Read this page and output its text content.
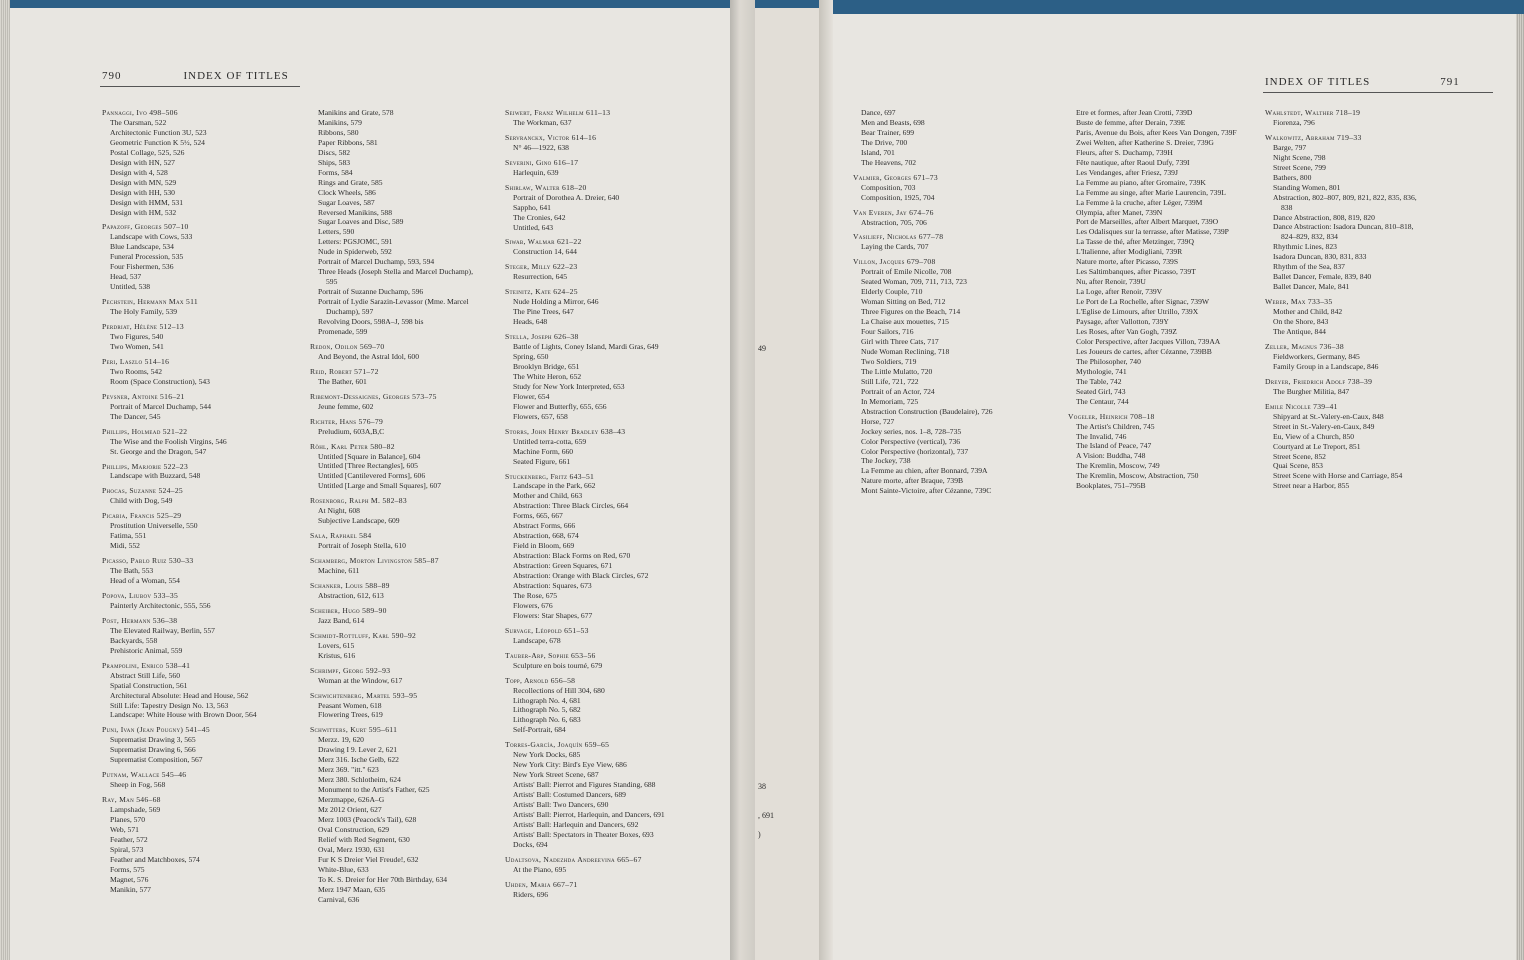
790	INDEX OF TITLES
Pannaggi, Ivo 498–506
The Oarsman, 522
Architectonic Function 3U, 523
Geometric Function K 5½, 524
Postal Collage, 525, 526
Design with HN, 527
Design with 4, 528
Design with MN, 529
Design with HH, 530
Design with HMM, 531
Design with HM, 532
Papazoff, Georges 507–10
Landscape with Cows, 533
Blue Landscape, 534
Funeral Procession, 535
Four Fishermen, 536
Head, 537
Untitled, 538
Pechstein, Hermann Max 511
The Holy Family, 539
Perdriat, Hélène 512–13
Two Figures, 540
Two Women, 541
Peri, Laszlo 514–16
Two Rooms, 542
Room (Space Construction), 543
Pevsner, Antoine 516–21
Portrait of Marcel Duchamp, 544
The Dancer, 545
Phillips, Holmead 521–22
The Wise and the Foolish Virgins, 546
St. George and the Dragon, 547
Phillips, Marjorie 522–23
Landscape with Buzzard, 548
Phocas, Suzanne 524–25
Child with Dog, 549
Picabia, Francis 525–29
Prostitution Universelle, 550
Fatima, 551
Midi, 552
Picasso, Pablo Ruiz 530–33
The Bath, 553
Head of a Woman, 554
Popova, Liubov 533–35
Painterly Architectonic, 555, 556
Post, Hermann 536–38
The Elevated Railway, Berlin, 557
Backyards, 558
Prehistoric Animal, 559
Prampolini, Enrico 538–41
Abstract Still Life, 560
Spatial Construction, 561
Architectural Absolute: Head and House, 562
Still Life: Tapestry Design No. 13, 563
Landscape: White House with Brown Door, 564
Puni, Ivan (Jean Pougny) 541–45
Suprematist Drawing 3, 565
Suprematist Drawing 6, 566
Suprematist Composition, 567
Putnam, Wallace 545–46
Sheep in Fog, 568
Ray, Man 546–68
Lampshade, 569
Planes, 570
Web, 571
Feather, 572
Spiral, 573
Feather and Matchboxes, 574
Forms, 575
Magnet, 576
Manikin, 577
Manikins and Grate, 578
Manikins, 579
Ribbons, 580
Paper Ribbons, 581
Discs, 582
Ships, 583
Forms, 584
Rings and Grate, 585
Clock Wheels, 586
Sugar Loaves, 587
Reversed Manikins, 588
Sugar Loaves and Disc, 589
Letters, 590
Letters: PGSJOMC, 591
Nude in Spiderweb, 592
Portrait of Marcel Duchamp, 593, 594
Three Heads (Joseph Stella and Marcel Duchamp),
595
Portrait of Suzanne Duchamp, 596
Portrait of Lydie Sarazin-Levassor (Mme. Marcel
Duchamp), 597
Revolving Doors, 598A–J, 598 bis
Promenade, 599
Redon, Odilon 569–70
And Beyond, the Astral Idol, 600
Reid, Robert 571–72
The Bather, 601
Ribemont-Dessaignes, Georges 573–75
Jeune femme, 602
Richter, Hans 576–79
Preludium, 603A,B,C
Röhl, Karl Peter 580–82
Untitled [Square in Balance], 604
Untitled [Three Rectangles], 605
Untitled [Cantilevered Forms], 606
Untitled [Large and Small Squares], 607
Rosenborg, Ralph M. 582–83
At Night, 608
Subjective Landscape, 609
Sala, Raphael 584
Portrait of Joseph Stella, 610
Schamberg, Morton Livingston 585–87
Machine, 611
Schanker, Louis 588–89
Abstraction, 612, 613
Scheiber, Hugo 589–90
Jazz Band, 614
Schmidt-Rottluff, Karl 590–92
Lovers, 615
Kristus, 616
Schrimpf, Georg 592–93
Woman at the Window, 617
Schwichtenberg, Martel 593–95
Peasant Women, 618
Flowering Trees, 619
Schwitters, Kurt 595–611
Merzz. 19, 620
Drawing I 9. Lever 2, 621
Merz 316. Ische Gelb, 622
Merz 369. "itt." 623
Merz 380. Schlotheim, 624
Monument to the Artist's Father, 625
Merzmappe, 626A–G
Mz 2012 Orient, 627
Merz 1003 (Peacock's Tail), 628
Oval Construction, 629
Relief with Red Segment, 630
Oval, Merz 1930, 631
Fur K S Dreier Viel Freude!, 632
White-Blue, 633
To K. S. Dreier for Her 70th Birthday, 634
Merz 1947 Maan, 635
Carnival, 636
Seiwert, Franz Wilhelm 611–13
The Workman, 637
Servranckx, Victor 614–16
N° 46—1922, 638
Severini, Gino 616–17
Harlequin, 639
Shirlaw, Walter 618–20
Portrait of Dorothea A. Dreier, 640
Sappho, 641
The Cronies, 642
Untitled, 643
Siwab, Walmar 621–22
Construction 14, 644
Steger, Milly 622–23
Resurrection, 645
Steinitz, Kate 624–25
Nude Holding a Mirror, 646
The Pine Trees, 647
Heads, 648
Stella, Joseph 626–38
Battle of Lights, Coney Island, Mardi Gras, 649
Spring, 650
Brooklyn Bridge, 651
The White Heron, 652
Study for New York Interpreted, 653
Flower, 654
Flower and Butterfly, 655, 656
Flowers, 657, 658
Storrs, John Henry Bradley 638–43
Untitled terra-cotta, 659
Machine Form, 660
Seated Figure, 661
Stuckenberg, Fritz 643–51
Landscape in the Park, 662
Mother and Child, 663
Abstraction: Three Black Circles, 664
Forms, 665, 667
Abstract Forms, 666
Abstraction, 668, 674
Field in Bloom, 669
Abstraction: Black Forms on Red, 670
Abstraction: Green Squares, 671
Abstraction: Orange with Black Circles, 672
Abstraction: Squares, 673
The Rose, 675
Flowers, 676
Flowers: Star Shapes, 677
Survage, Léopold 651–53
Landscape, 678
Tauber-Arp, Sophie 653–56
Sculpture en bois tourné, 679
Topp, Arnold 656–58
Recollections of Hill 304, 680
Lithograph No. 4, 681
Lithograph No. 5, 682
Lithograph No. 6, 683
Self-Portrait, 684
Torres-García, Joaquín 659–65
New York Docks, 685
New York City: Bird's Eye View, 686
New York Street Scene, 687
Artists' Ball: Pierrot and Figures Standing, 688
Artists' Ball: Costumed Dancers, 689
Artists' Ball: Two Dancers, 690
Artists' Ball: Pierrot, Harlequin, and Dancers, 691
Artists' Ball: Harlequin and Dancers, 692
Artists' Ball: Spectators in Theater Boxes, 693
Docks, 694
Udaltsova, Nadezhda Andreevina 665–67
At the Piano, 695
Uhden, Maria 667–71
Riders, 696
49
38
, 691
)
INDEX OF TITLES	791
Dance, 697
Men and Beasts, 698
Bear Trainer, 699
The Drive, 700
Island, 701
The Heavens, 702
Valmier, Georges 671–73
Composition, 703
Composition, 1925, 704
Van Everen, Jay 674–76
Abstraction, 705, 706
Vasilieff, Nicholas 677–78
Laying the Cards, 707
Villon, Jacques 679–708
Portrait of Emile Nicolle, 708
Seated Woman, 709, 711, 713, 723
Elderly Couple, 710
Woman Sitting on Bed, 712
Three Figures on the Beach, 714
La Chaise aux mouettes, 715
Four Sailors, 716
Girl with Three Cats, 717
Nude Woman Reclining, 718
Two Soldiers, 719
The Little Mulatto, 720
Still Life, 721, 722
Portrait of an Actor, 724
In Memoriam, 725
Abstraction Construction (Baudelaire), 726
Horse, 727
Jockey series, nos. 1–8, 728–735
Color Perspective (vertical), 736
Color Perspective (horizontal), 737
The Jockey, 738
La Femme au chien, after Bonnard, 739A
Nature morte, after Braque, 739B
Mont Sainte-Victoire, after Cézanne, 739C
Etre et formes, after Jean Crotti, 739D
Buste de femme, after Derain, 739E
Paris, Avenue du Bois, after Kees Van Dongen, 739F
Zwei Welten, after Katherine S. Dreier, 739G
Fleurs, after S. Duchamp, 739H
Fête nautique, after Raoul Dufy, 739I
Les Vendanges, after Friesz, 739J
La Femme au piano, after Gromaire, 739K
La Femme au singe, after Marie Laurencin, 739L
La Femme à la cruche, after Léger, 739M
Olympia, after Manet, 739N
Port de Marseilles, after Albert Marquet, 739O
Les Odalisques sur la terrasse, after Matisse, 739P
La Tasse de thé, after Metzinger, 739Q
L'Italienne, after Modigliani, 739R
Nature morte, after Picasso, 739S
Les Saltimbanques, after Picasso, 739T
Nu, after Renoir, 739U
La Loge, after Renoir, 739V
Le Port de La Rochelle, after Signac, 739W
L'Eglise de Limours, after Utrillo, 739X
Paysage, after Vallotton, 739Y
Les Roses, after Van Gogh, 739Z
Color Perspective, after Jacques Villon, 739AA
Les Joueurs de cartes, after Cézanne, 739BB
The Philosopher, 740
Mythologie, 741
The Table, 742
Seated Girl, 743
The Centaur, 744
Vogeler, Heinrich 708–18
The Artist's Children, 745
The Invalid, 746
The Island of Peace, 747
A Vision: Buddha, 748
The Kremlin, Moscow, 749
The Kremlin, Moscow, Abstraction, 750
Bookplates, 751–795B
Wahlstedt, Walther 718–19
Fiorenza, 796
Walkowitz, Abraham 719–33
Barge, 797
Night Scene, 798
Street Scene, 799
Bathers, 800
Standing Women, 801
Abstraction, 802–807, 809, 821, 822, 835, 836,
838
Dance Abstraction, 808, 819, 820
Dance Abstraction: Isadora Duncan, 810–818,
824–829, 832, 834
Rhythmic Lines, 823
Isadora Duncan, 830, 831, 833
Rhythm of the Sea, 837
Ballet Dancer, Female, 839, 840
Ballet Dancer, Male, 841
Weber, Max 733–35
Mother and Child, 842
On the Shore, 843
The Antique, 844
Zeller, Magnus 736–38
Fieldworkers, Germany, 845
Family Group in a Landscape, 846
Dreyer, Friedrich Adolf 738–39
The Burgher Militia, 847
Emile Nicolle 739–41
Shipyard at St.-Valery-en-Caux, 848
Street in St.-Valery-en-Caux, 849
Eu, View of a Church, 850
Courtyard at Le Treport, 851
Street Scene, 852
Quai Scene, 853
Street Scene with Horse and Carriage, 854
Street near a Harbor, 855
